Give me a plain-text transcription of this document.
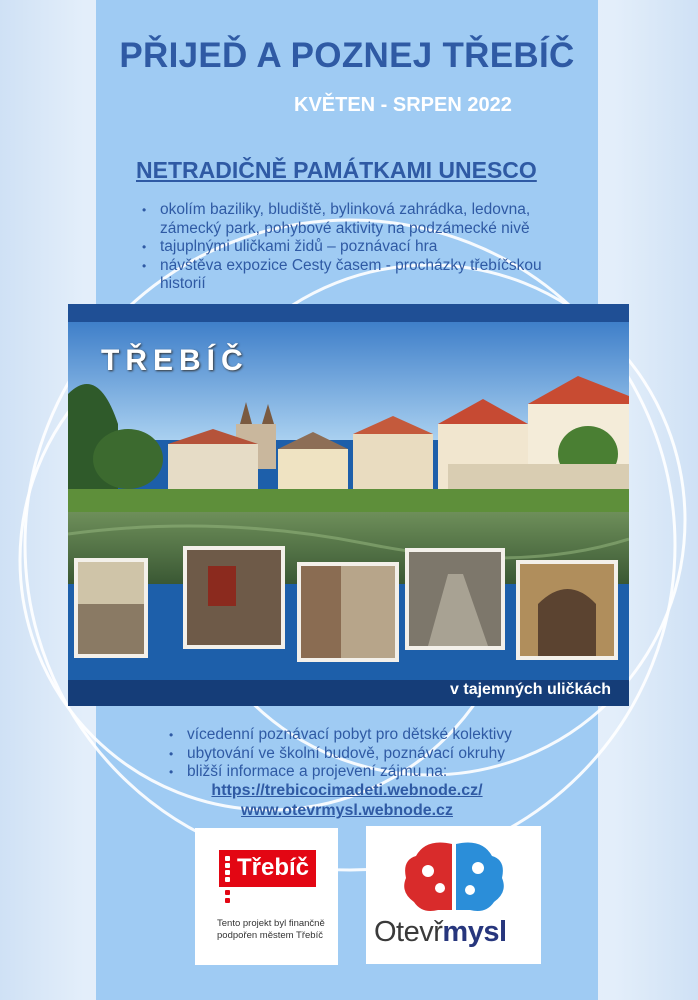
PŘIJEĎ A POZNEJ TŘEBÍČ
KVĚTEN - SRPEN 2022
NETRADIČNĚ PAMÁTKAMI UNESCO
• okolím baziliky, bludiště, bylinková zahrádka, ledovna, zámecký park, pohybové aktivity na podzámecké nivě
• tajuplnými uličkami židů – poznávací hra
• návštěva expozice Cesty časem - procházky třebíčskou historií
TŘEBÍČ
v tajemných uličkách
• vícedenní poznávací pobyt pro dětské kolektivy
• ubytování ve školní budově, poznávací okruhy
• bližší informace a projevení zájmu na:
https://trebicocimadeti.webnode.cz/
www.otevrmysl.webnode.cz
Třebíč
Tento projekt byl finančně podpořen městem Třebíč Otevřmysl
